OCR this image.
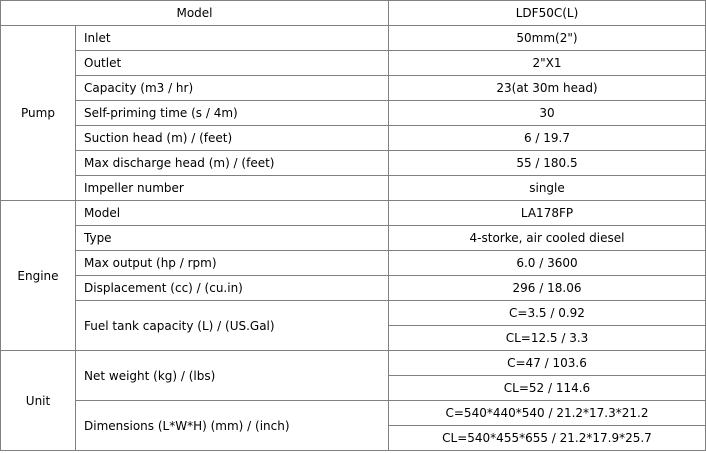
Model		LDF50C(L)
Pump	Inlet	50mm(2")
	Outlet	2"X1
	Capacity (m3 / hr)	23(at 30m head)
	Self-priming time (s / 4m)	30
	Suction head (m) / (feet)	6 / 19.7
	Max discharge head (m) / (feet)	55 / 180.5
	Impeller number	single
Engine	Model	LA178FP
	Type	4-storke, air cooled diesel
	Max output (hp / rpm)	6.0 / 3600
	Displacement (cc) / (cu.in)	296 / 18.06
	Fuel tank capacity (L) / (US.Gal)	C=3.5 / 0.92
		CL=12.5 / 3.3
Unit	Net weight (kg) / (lbs)	C=47 / 103.6
		CL=52 / 114.6

	Dimensions (L*W*H) (mm) / (inch)	C=540*440*540 / 21.2*17.3*21.2
		CL=540*455*655 / 21.2*17.9*25.7
